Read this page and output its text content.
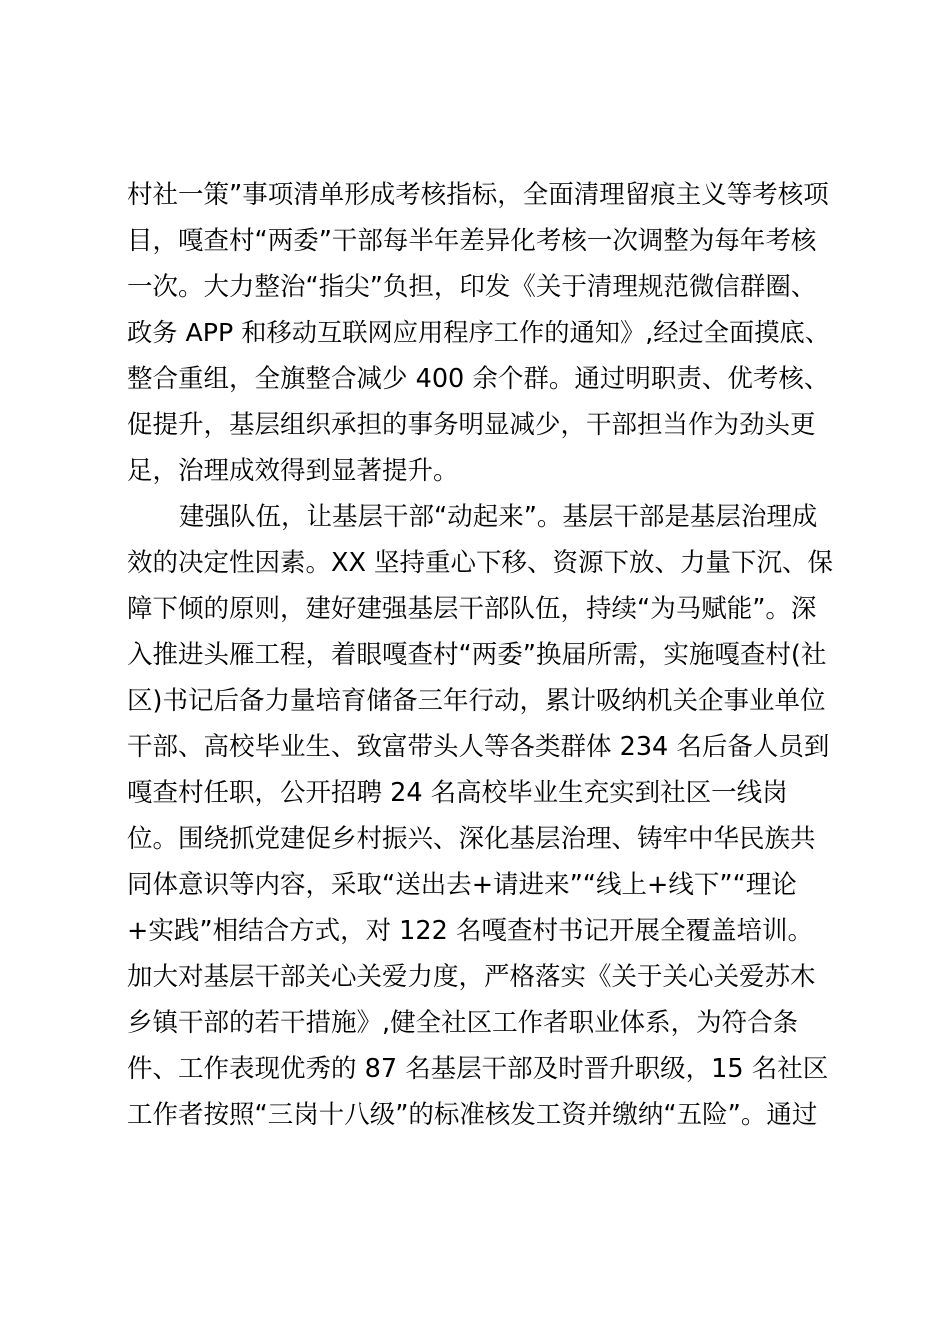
村社一策”事项清单形成考核指标，全面清理留痕主义等考核项
目，嘎查村“两委”干部每半年差异化考核一次调整为每年考核
一次。大力整治“指尖”负担，印发《关于清理规范微信群圈、
政务 APP 和移动互联网应用程序工作的通知》,经过全面摸底、
整合重组，全旗整合减少 400 余个群。通过明职责、优考核、
促提升，基层组织承担的事务明显减少，干部担当作为劲头更
足，治理成效得到显著提升。
建强队伍，让基层干部“动起来”。基层干部是基层治理成
效的决定性因素。XX 坚持重心下移、资源下放、力量下沉、保
障下倾的原则，建好建强基层干部队伍，持续“为马赋能”。深
入推进头雁工程，着眼嘎查村“两委”换届所需，实施嘎查村(社
区)书记后备力量培育储备三年行动，累计吸纳机关企事业单位
干部、高校毕业生、致富带头人等各类群体 234 名后备人员到
嘎查村任职，公开招聘 24 名高校毕业生充实到社区一线岗
位。围绕抓党建促乡村振兴、深化基层治理、铸牢中华民族共
同体意识等内容，采取“送出去+请进来”“线上+线下”“理论
+实践”相结合方式，对 122 名嘎查村书记开展全覆盖培训。
加大对基层干部关心关爱力度，严格落实《关于关心关爱苏木
乡镇干部的若干措施》,健全社区工作者职业体系，为符合条
件、工作表现优秀的 87 名基层干部及时晋升职级，15 名社区
工作者按照“三岗十八级”的标准核发工资并缴纳“五险”。通过
